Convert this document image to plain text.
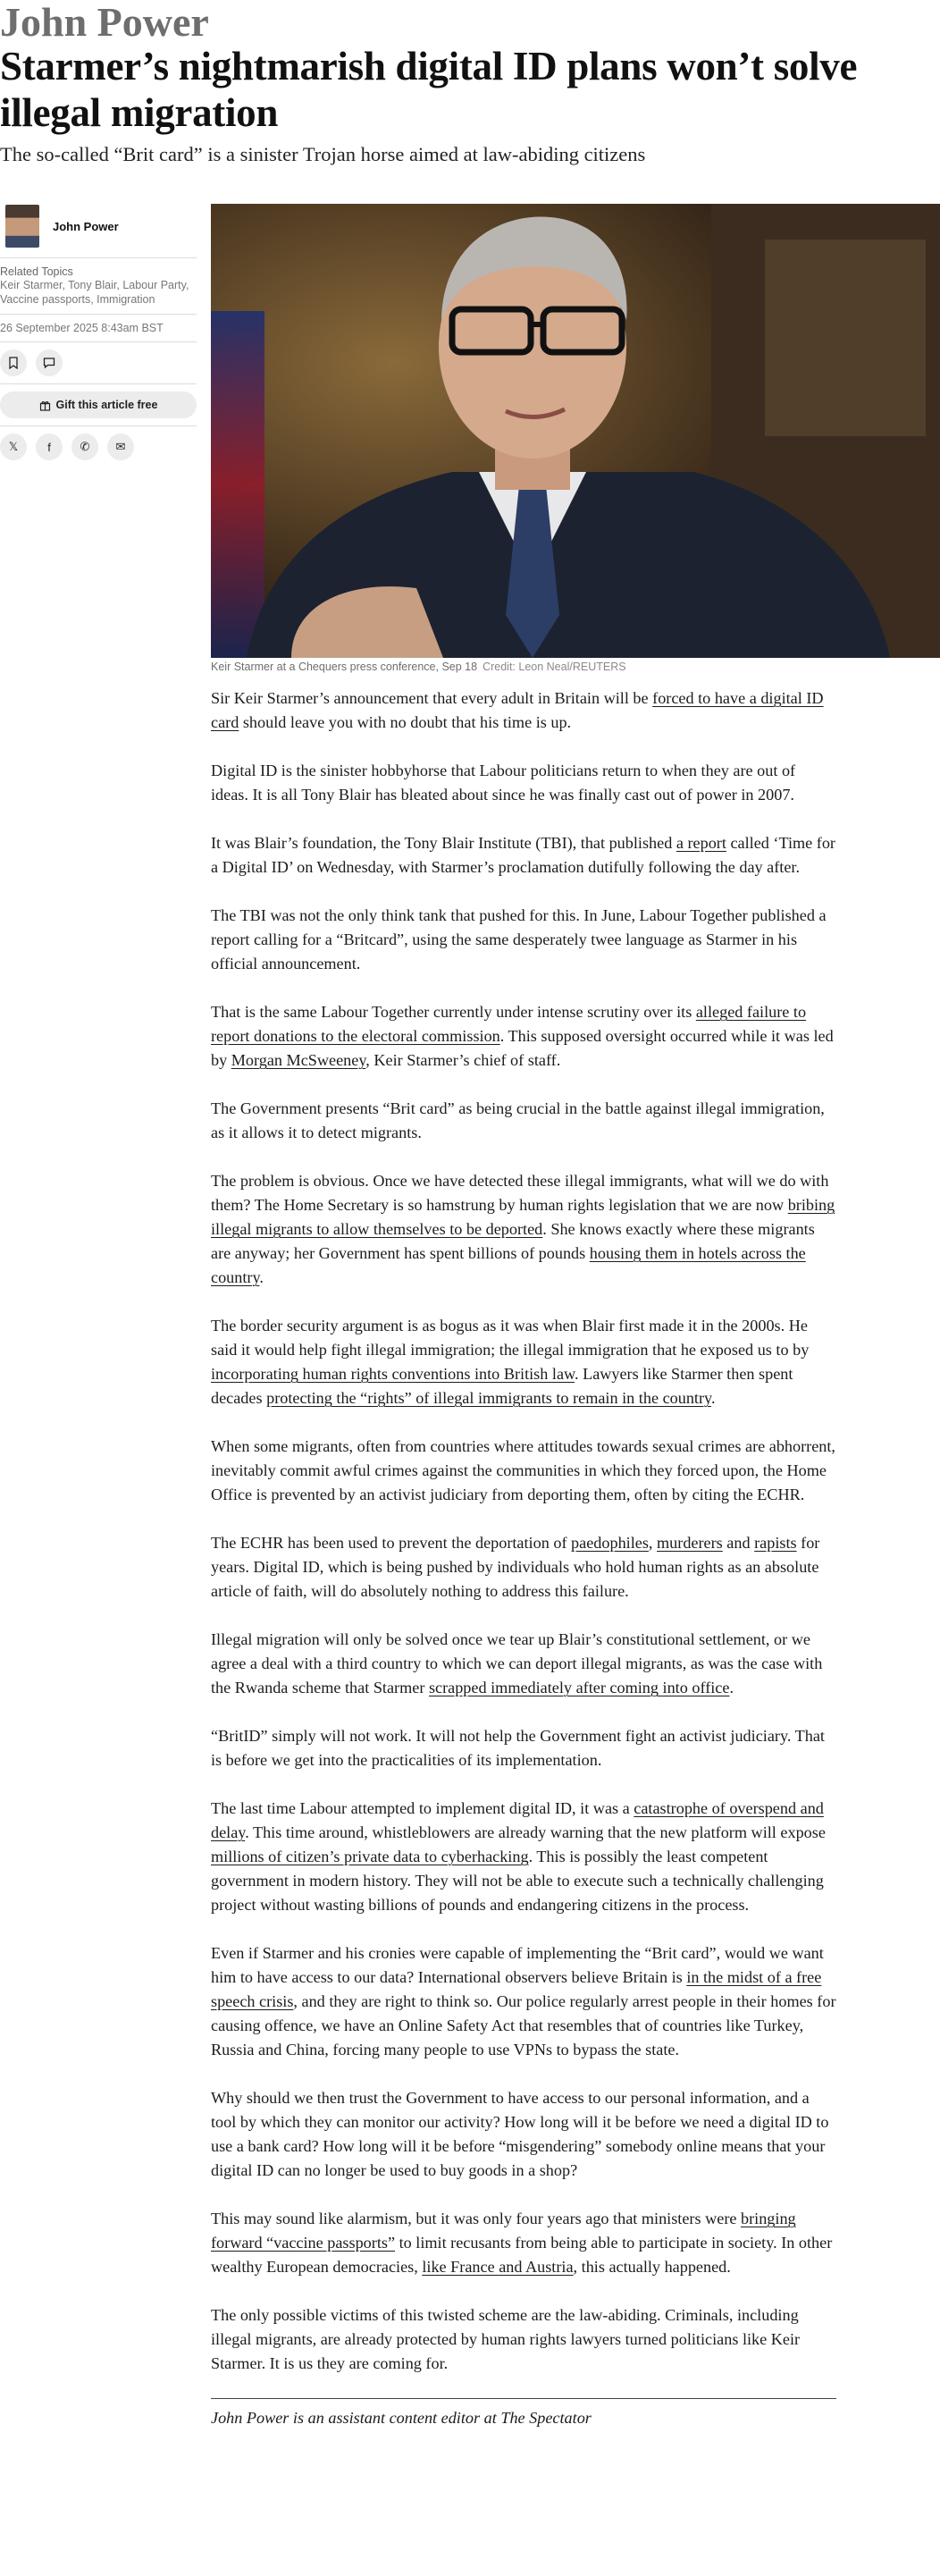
John Power
Starmer’s nightmarish digital ID plans won’t solve illegal migration

The so-called “Brit card” is a sinister Trojan horse aimed at law-abiding citizens

John Power
Related Topics
Keir Starmer, Tony Blair, Labour Party, Vaccine passports, Immigration
26 September 2025 8:43am BST
Gift this article free
𝕏	f	✆ ✉
Keir Starmer at a Chequers press conference, Sep 18 Credit: Leon Neal/REUTERS

Sir Keir Starmer’s announcement that every adult in Britain will be forced to have a digital ID card should leave you with no doubt that his time is up.

Digital ID is the sinister hobbyhorse that Labour politicians return to when they are out of ideas. It is all Tony Blair has bleated about since he was finally cast out of power in 2007.

It was Blair’s foundation, the Tony Blair Institute (TBI), that published a report called ‘Time for a Digital ID’ on Wednesday, with Starmer’s proclamation dutifully following the day after.

The TBI was not the only think tank that pushed for this. In June, Labour Together published a report calling for a “Britcard”, using the same desperately twee language as Starmer in his official announcement.

That is the same Labour Together currently under intense scrutiny over its alleged failure to report donations to the electoral commission. This supposed oversight occurred while it was led by Morgan McSweeney, Keir Starmer’s chief of staff.

The Government presents “Brit card” as being crucial in the battle against illegal immigration, as it allows it to detect migrants.

The problem is obvious. Once we have detected these illegal immigrants, what will we do with them? The Home Secretary is so hamstrung by human rights legislation that we are now bribing illegal migrants to allow themselves to be deported. She knows exactly where these migrants are anyway; her Government has spent billions of pounds housing them in hotels across the country.

The border security argument is as bogus as it was when Blair first made it in the 2000s. He said it would help fight illegal immigration; the illegal immigration that he exposed us to by incorporating human rights conventions into British law. Lawyers like Starmer then spent decades protecting the “rights” of illegal immigrants to remain in the country.

When some migrants, often from countries where attitudes towards sexual crimes are abhorrent, inevitably commit awful crimes against the communities in which they forced upon, the Home Office is prevented by an activist judiciary from deporting them, often by citing the ECHR.

The ECHR has been used to prevent the deportation of paedophiles, murderers and rapists for years. Digital ID, which is being pushed by individuals who hold human rights as an absolute article of faith, will do absolutely nothing to address this failure.

Illegal migration will only be solved once we tear up Blair’s constitutional settlement, or we agree a deal with a third country to which we can deport illegal migrants, as was the case with the Rwanda scheme that Starmer scrapped immediately after coming into office.

“BritID” simply will not work. It will not help the Government fight an activist judiciary. That is before we get into the practicalities of its implementation.

The last time Labour attempted to implement digital ID, it was a catastrophe of overspend and delay. This time around, whistleblowers are already warning that the new platform will expose millions of citizen’s private data to cyberhacking. This is possibly the least competent government in modern history. They will not be able to execute such a technically challenging project without wasting billions of pounds and endangering citizens in the process.

Even if Starmer and his cronies were capable of implementing the “Brit card”, would we want him to have access to our data? International observers believe Britain is in the midst of a free speech crisis, and they are right to think so. Our police regularly arrest people in their homes for causing offence, we have an Online Safety Act that resembles that of countries like Turkey, Russia and China, forcing many people to use VPNs to bypass the state.

Why should we then trust the Government to have access to our personal information, and a tool by which they can monitor our activity? How long will it be before we need a digital ID to use a bank card? How long will it be before “misgendering” somebody online means that your digital ID can no longer be used to buy goods in a shop?

This may sound like alarmism, but it was only four years ago that ministers were bringing forward “vaccine passports” to limit recusants from being able to participate in society. In other wealthy European democracies, like France and Austria, this actually happened.

The only possible victims of this twisted scheme are the law-abiding. Criminals, including illegal migrants, are already protected by human rights lawyers turned politicians like Keir Starmer. It is us they are coming for.

John Power is an assistant content editor at The Spectator
